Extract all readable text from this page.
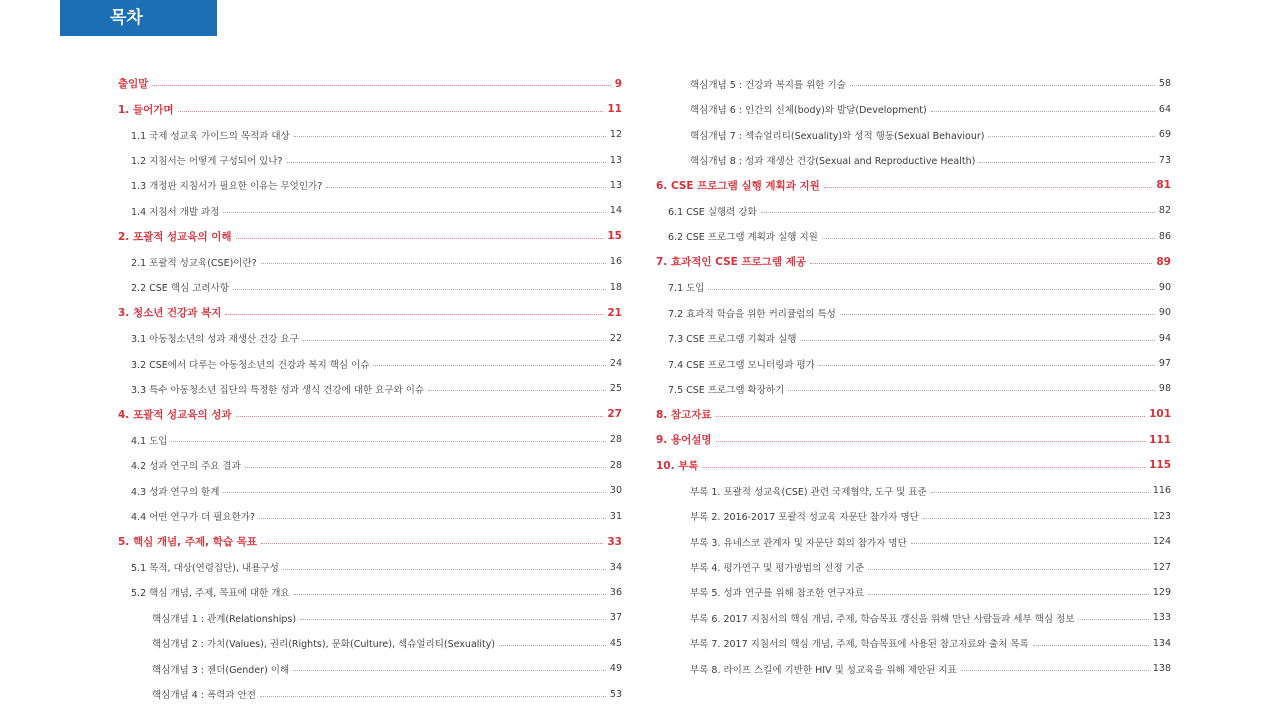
목차
출임말	9
1. 들어가며	11
1.1 국제 성교육 가이드의 목적과 대상	12
1.2 지침서는 어떻게 구성되어 있나?	13
1.3 개정판 지침서가 필요한 이유는 무엇인가?	13
1.4 지침서 개발 과정	14
2. 포괄적 성교육의 이해	15
2.1 포괄적 성교육(CSE)이란?	16
2.2 CSE 핵심 고려사항	18
3. 청소년 건강과 복지	21
3.1 아동청소년의 성과 재생산 건강 요구	22
3.2 CSE에서 다루는 아동청소년의 건강과 복지 핵심 이슈	24
3.3 특수 아동청소년 집단의 특정한 성과 생식 건강에 대한 요구와 이슈	25
4. 포괄적 성교육의 성과	27
4.1 도입	28
4.2 성과 연구의 주요 결과	28
4.3 성과 연구의 한계	30
4.4 어떤 연구가 더 필요한가?	31
5. 핵심 개념, 주제, 학습 목표	33
5.1 목적, 대상(연령집단), 내용구성	34
5.2 핵심 개념, 주제, 목표에 대한 개요	36
핵심개념 1 : 관계(Relationships)	37
핵심개념 2 : 가치(Values), 권리(Rights), 문화(Culture), 섹슈얼리티(Sexuality)	45
핵심개념 3 : 젠더(Gender) 이해	49
핵심개념 4 : 폭력과 안전	53
핵심개념 5 : 건강과 복지를 위한 기술	58
핵심개념 6 : 인간의 신체(body)와 발달(Development)	64
핵심개념 7 : 섹슈얼리티(Sexuality)와 성적 행동(Sexual Behaviour)	69
핵심개념 8 : 성과 재생산 건강(Sexual and Reproductive Health)	73
6. CSE 프로그램 실행 계획과 지원	81
6.1 CSE 실행력 강화	82
6.2 CSE 프로그램 계획과 실행 지원	86
7. 효과적인 CSE 프로그램 제공	89
7.1 도입	90
7.2 효과적 학습을 위한 커리큘럼의 특성	90
7.3 CSE 프로그램 기획과 실행	94
7.4 CSE 프로그램 모니터링과 평가	97
7.5 CSE 프로그램 확장하기	98
8. 참고자료	101
9. 용어설명	111
10. 부록	115
부록 1. 포괄적 성교육(CSE) 관련 국제협약, 도구 및 표준	116
부록 2. 2016-2017 포괄적 성교육 자문단 참가자 명단	123
부록 3. 유네스코 관계자 및 자문단 회의 참가자 명단	124
부록 4. 평가연구 및 평가방법의 선정 기준	127
부록 5. 성과 연구를 위해 참조한 연구자료	129
부록 6. 2017 지침서의 핵심 개념, 주제, 학습목표 갱신을 위해 만난 사람들과 세부 핵심 정보	133
부록 7. 2017 지침서의 핵심 개념, 주제, 학습목표에 사용된 참고자료와 출처 목록	134
부록 8. 라이프 스킬에 기반한 HIV 및 성교육을 위해 제안된 지표	138
